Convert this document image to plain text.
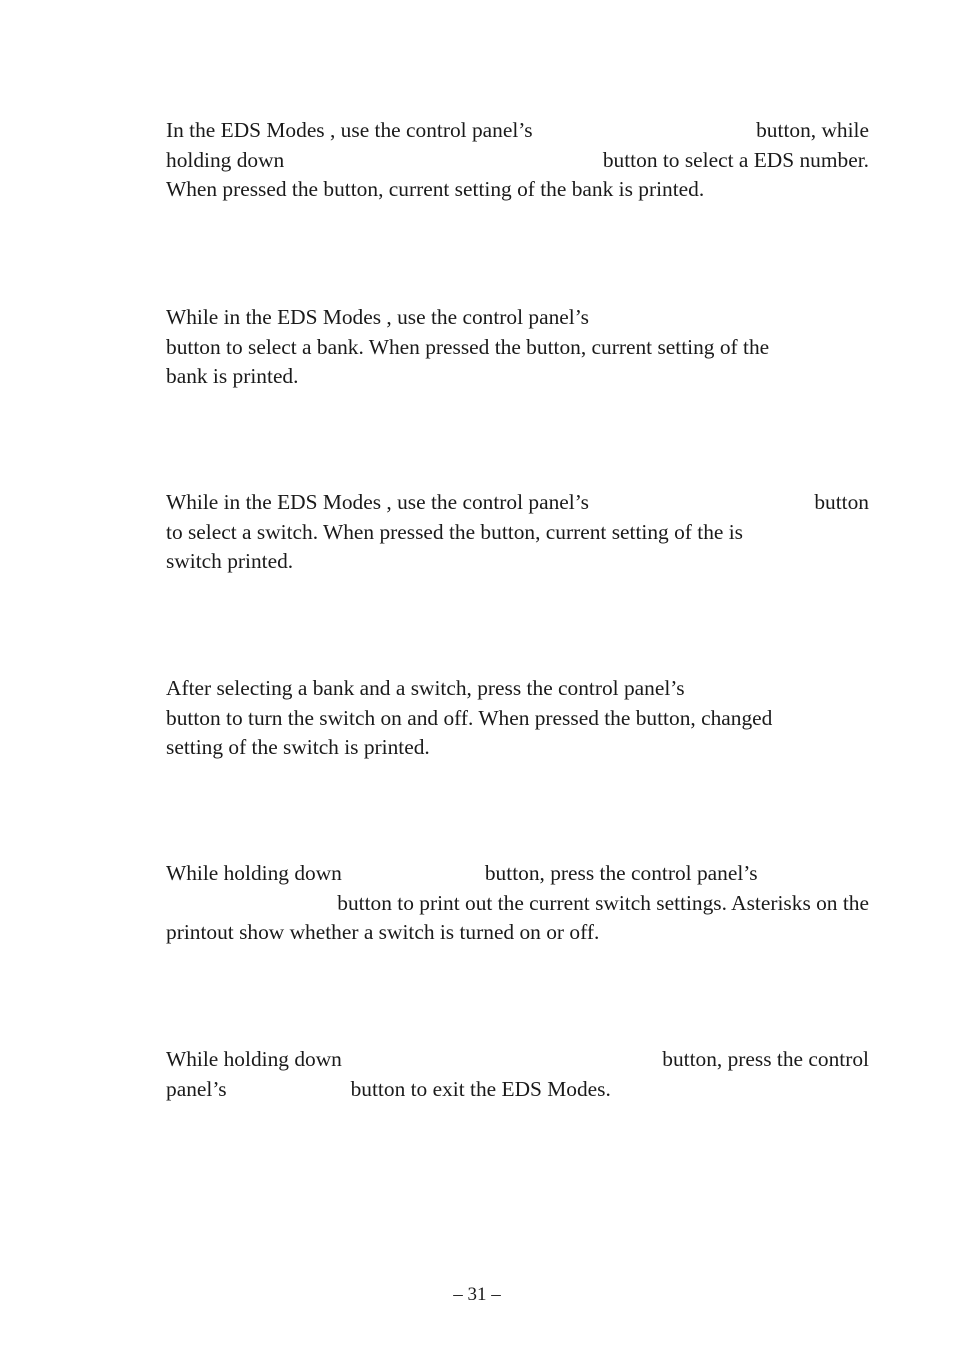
In the EDS Modes , use the control panel’s	button, while
holding down	button to select a EDS number.
When pressed the button, current setting of the bank is printed.
While in the EDS Modes , use the control panel’s
button to select a bank. When pressed the button, current setting of the
bank is printed.
While in the EDS Modes , use the control panel’s	button
to select a switch. When pressed the button, current setting of the is
switch printed.
After selecting a bank and a switch, press the control panel’s
button to turn the switch on and off. When pressed the button, changed
setting of the switch is printed.
While holding down	button, press the control panel’s
button to print out the current switch settings. Asterisks on the
printout show whether a switch is turned on or off.
While holding down	button, press the control
panel’s	button to exit the EDS Modes.
– 31 –
